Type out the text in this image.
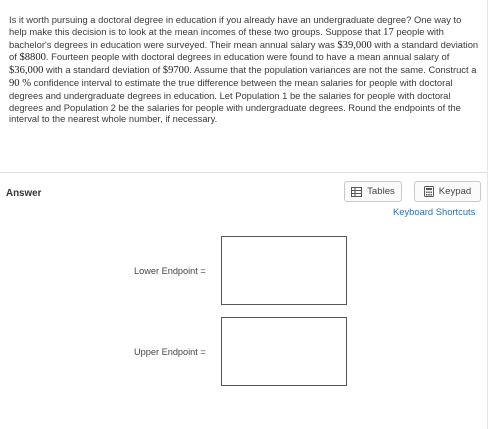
Is it worth pursuing a doctoral degree in education if you already have an undergraduate degree? One way to help make this decision is to look at the mean incomes of these two groups. Suppose that 17 people with bachelor's degrees in education were surveyed. Their mean annual salary was $39,000 with a standard deviation of $8800. Fourteen people with doctoral degrees in education were found to have a mean annual salary of $36,000 with a standard deviation of $9700. Assume that the population variances are not the same. Construct a 90 % confidence interval to estimate the true difference between the mean salaries for people with doctoral degrees and undergraduate degrees in education. Let Population 1 be the salaries for people with doctoral degrees and Population 2 be the salaries for people with undergraduate degrees. Round the endpoints of the interval to the nearest whole number, if necessary.
Answer	Tables	Keypad
Keyboard Shortcuts
Lower Endpoint =
Upper Endpoint =
